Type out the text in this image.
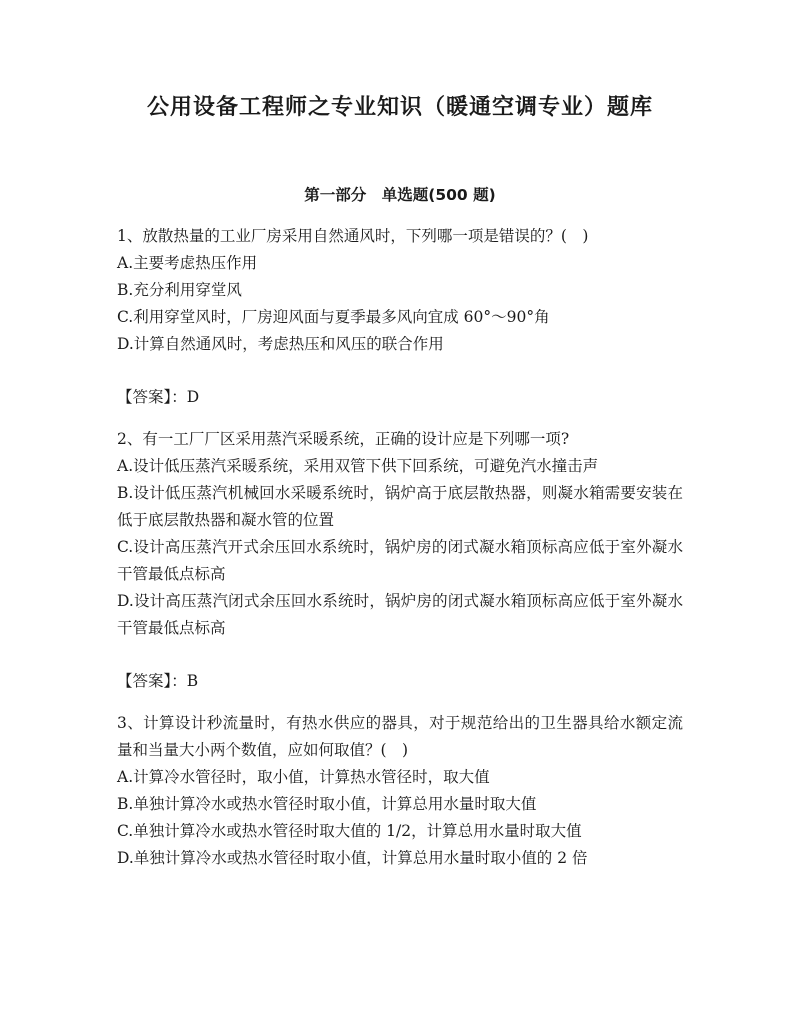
公用设备工程师之专业知识（暖通空调专业）题库
第一部分　单选题(500 题)

1、放散热量的工业厂房采用自然通风时，下列哪一项是错误的？(　)

A.主要考虑热压作用

B.充分利用穿堂风

C.利用穿堂风时，厂房迎风面与夏季最多风向宜成 60°～90°角

D.计算自然通风时，考虑热压和风压的联合作用

【答案】：D

2、有一工厂厂区采用蒸汽采暖系统，正确的设计应是下列哪一项?

A.设计低压蒸汽采暖系统，采用双管下供下回系统，可避免汽水撞击声

B.设计低压蒸汽机械回水采暖系统时，锅炉高于底层散热器，则凝水箱需要安装在低于底层散热器和凝水管的位置

C.设计高压蒸汽开式余压回水系统时，锅炉房的闭式凝水箱顶标高应低于室外凝水干管最低点标高

D.设计高压蒸汽闭式余压回水系统时，锅炉房的闭式凝水箱顶标高应低于室外凝水干管最低点标高

【答案】：B

3、计算设计秒流量时，有热水供应的器具，对于规范给出的卫生器具给水额定流量和当量大小两个数值，应如何取值？(　)

A.计算冷水管径时，取小值，计算热水管径时，取大值

B.单独计算冷水或热水管径时取小值，计算总用水量时取大值

C.单独计算冷水或热水管径时取大值的 1/2，计算总用水量时取大值

D.单独计算冷水或热水管径时取小值，计算总用水量时取小值的 2 倍
